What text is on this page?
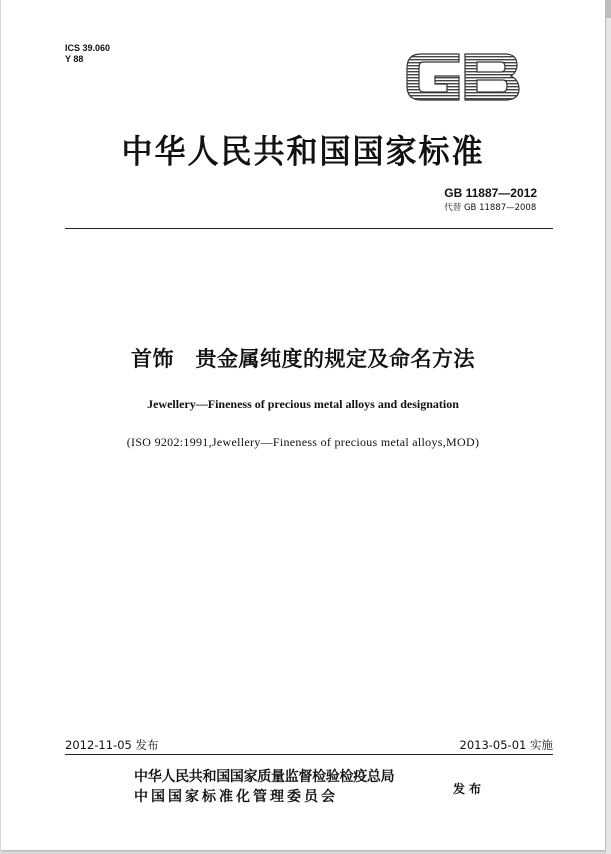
ICS 39.060
Y 88
中华人民共和国国家标准
GB 11887—2012
代替 GB 11887—2008
首饰　贵金属纯度的规定及命名方法
Jewellery—Fineness of precious metal alloys and designation
(ISO 9202:1991,Jewellery—Fineness of precious metal alloys,MOD)
2012-11-05 发布	2013-05-01 实施
中华人民共和国国家质量监督检验检疫总局
中国国家标准化管理委员会	发布
